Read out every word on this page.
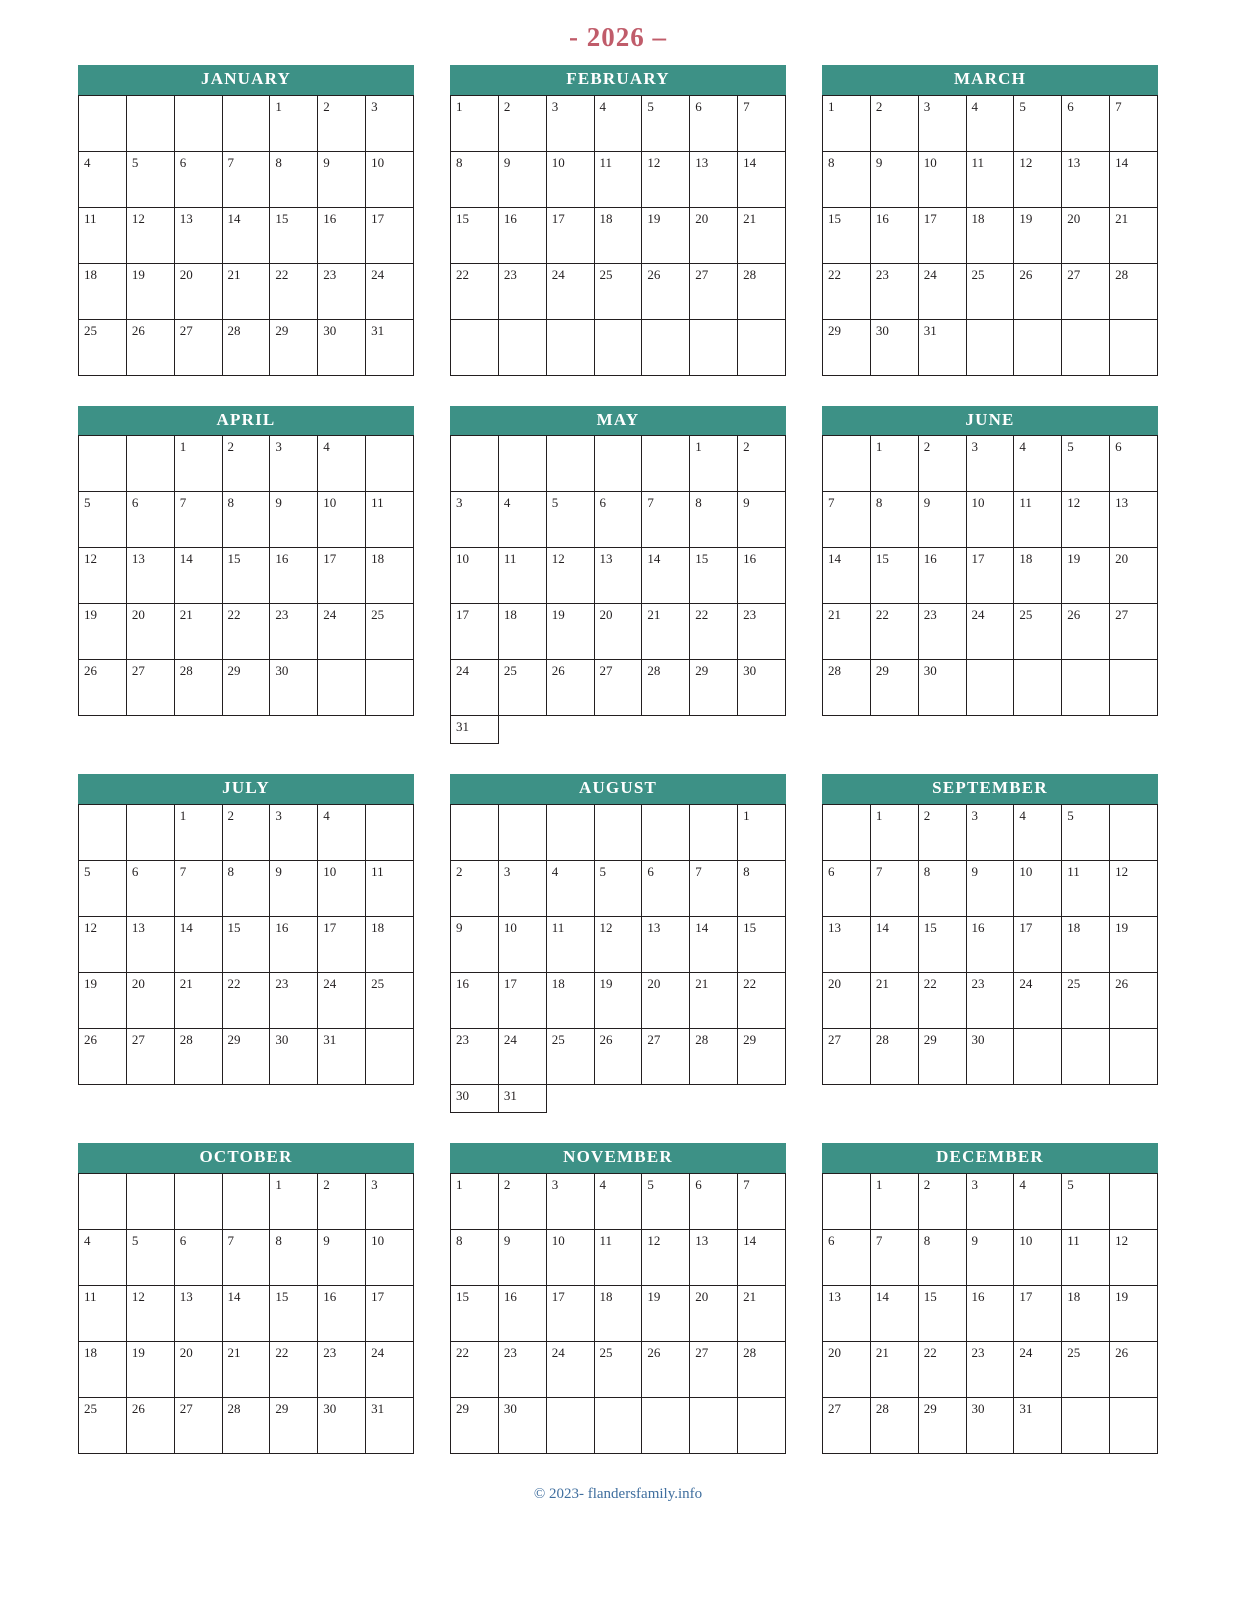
- 2026 –
JANUARY
				1	2	3
4	5	6	7	8	9	10
11	12	13	14	15	16	17
18	19	20	21	22	23	24
25	26	27	28	29	30	31
FEBRUARY
1	2	3	4	5	6	7
8	9	10	11	12	13	14
15	16	17	18	19	20	21
22	23	24	25	26	27	28

MARCH
1	2	3	4	5	6	7
8	9	10	11	12	13	14
15	16	17	18	19	20	21
22	23	24	25	26	27	28
29	30	31				
APRIL
		1	2	3	4	
5	6	7	8	9	10	11
12	13	14	15	16	17	18
19	20	21	22	23	24	25
26	27	28	29	30		
MAY
					1	2
3	4	5	6	7	8	9
10	11	12	13	14	15	16
17	18	19	20	21	22	23
24	25	26	27	28	29	30
31						
JUNE
	1	2	3	4	5	6
7	8	9	10	11	12	13
14	15	16	17	18	19	20
21	22	23	24	25	26	27
28	29	30				
JULY
		1	2	3	4	
5	6	7	8	9	10	11
12	13	14	15	16	17	18
19	20	21	22	23	24	25
26	27	28	29	30	31	
AUGUST
						1
2	3	4	5	6	7	8
9	10	11	12	13	14	15
16	17	18	19	20	21	22
23	24	25	26	27	28	29
30	31					
SEPTEMBER
	1	2	3	4	5	
6	7	8	9	10	11	12
13	14	15	16	17	18	19
20	21	22	23	24	25	26
27	28	29	30			
OCTOBER
				1	2	3
4	5	6	7	8	9	10
11	12	13	14	15	16	17
18	19	20	21	22	23	24
25	26	27	28	29	30	31
NOVEMBER
1	2	3	4	5	6	7
8	9	10	11	12	13	14
15	16	17	18	19	20	21
22	23	24	25	26	27	28
29	30					
DECEMBER
	1	2	3	4	5	
6	7	8	9	10	11	12
13	14	15	16	17	18	19
20	21	22	23	24	25	26
27	28	29	30	31		
© 2023- flandersfamily.info
